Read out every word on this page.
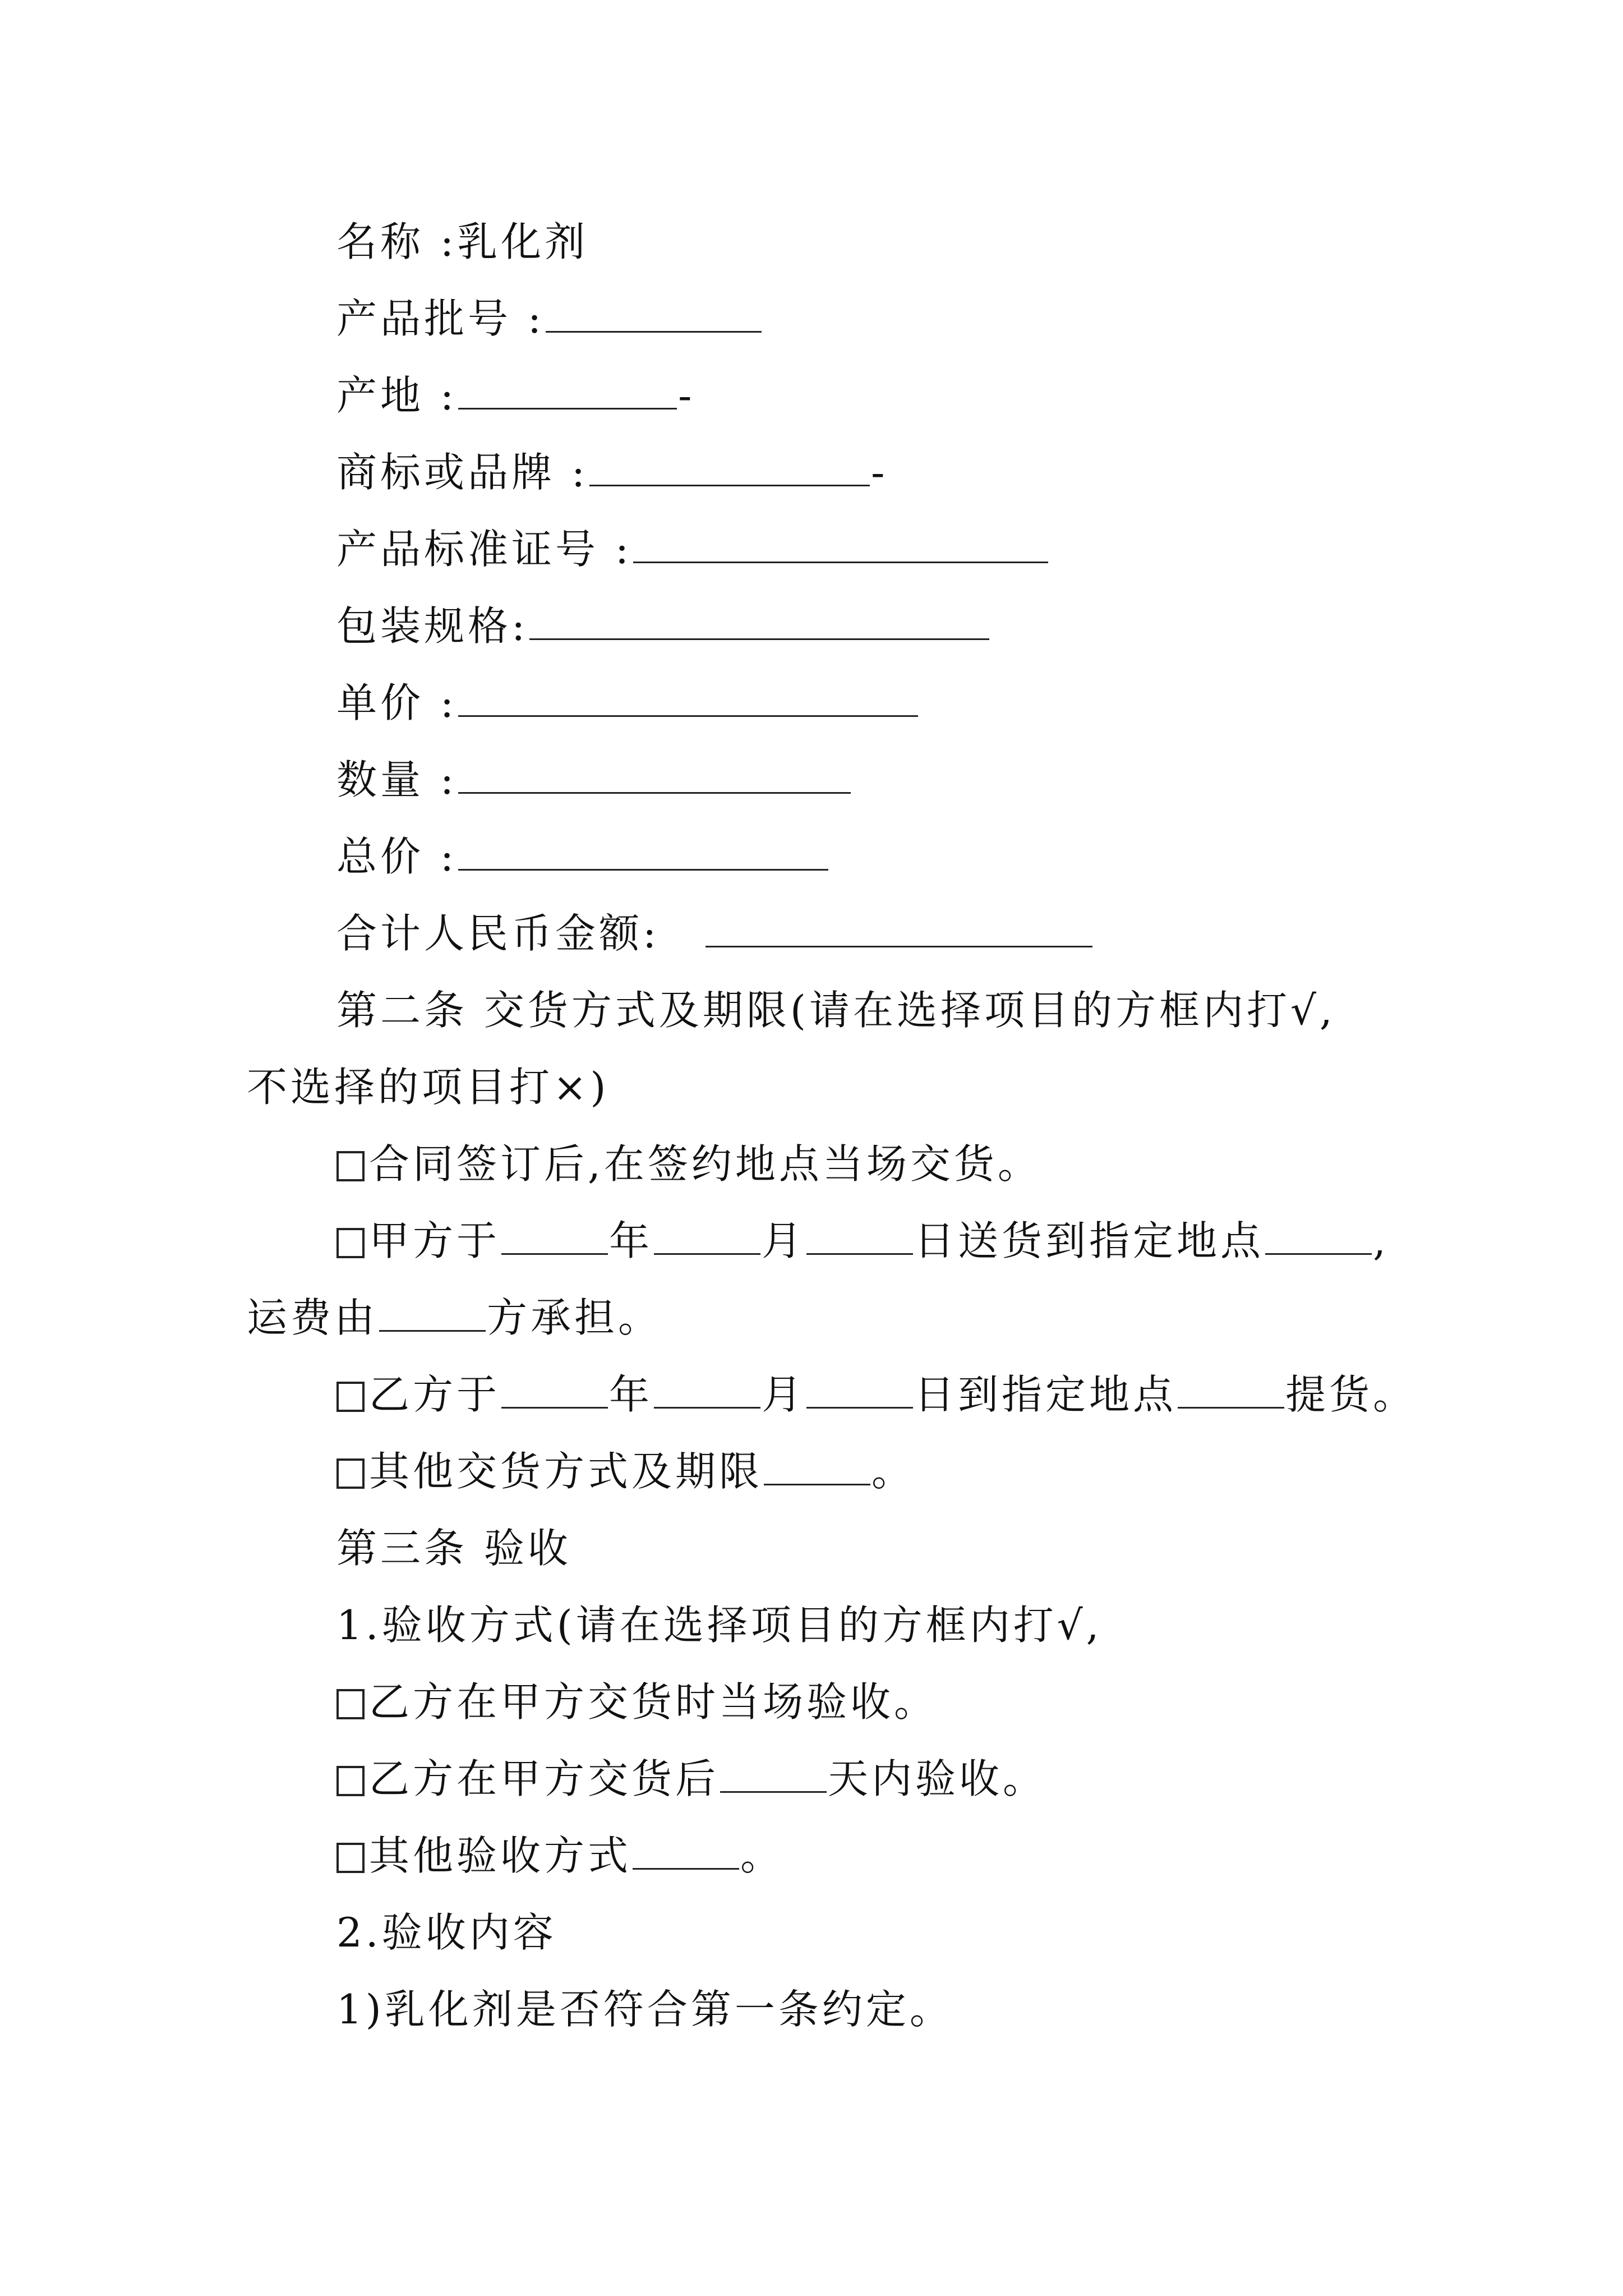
名称 :乳化剂
产品批号 :
产地 :	-
商标或品牌 :	-
产品标准证号 :
包装规格:
单价 :
数量 :
总价 :
合计人民币金额:
第二条 交货方式及期限(请在选择项目的方框内打√,
不选择的项目打×)
合同签订后,在签约地点当场交货。
甲方于	年	月	日送货到指定地点	,
运费由	方承担。
乙方于	年	月	日到指定地点	提货。
其他交货方式及期限	。
第三条 验收
1.验收方式(请在选择项目的方框内打√,
乙方在甲方交货时当场验收。
乙方在甲方交货后	天内验收。
其他验收方式	。
2.验收内容
1)乳化剂是否符合第一条约定。
